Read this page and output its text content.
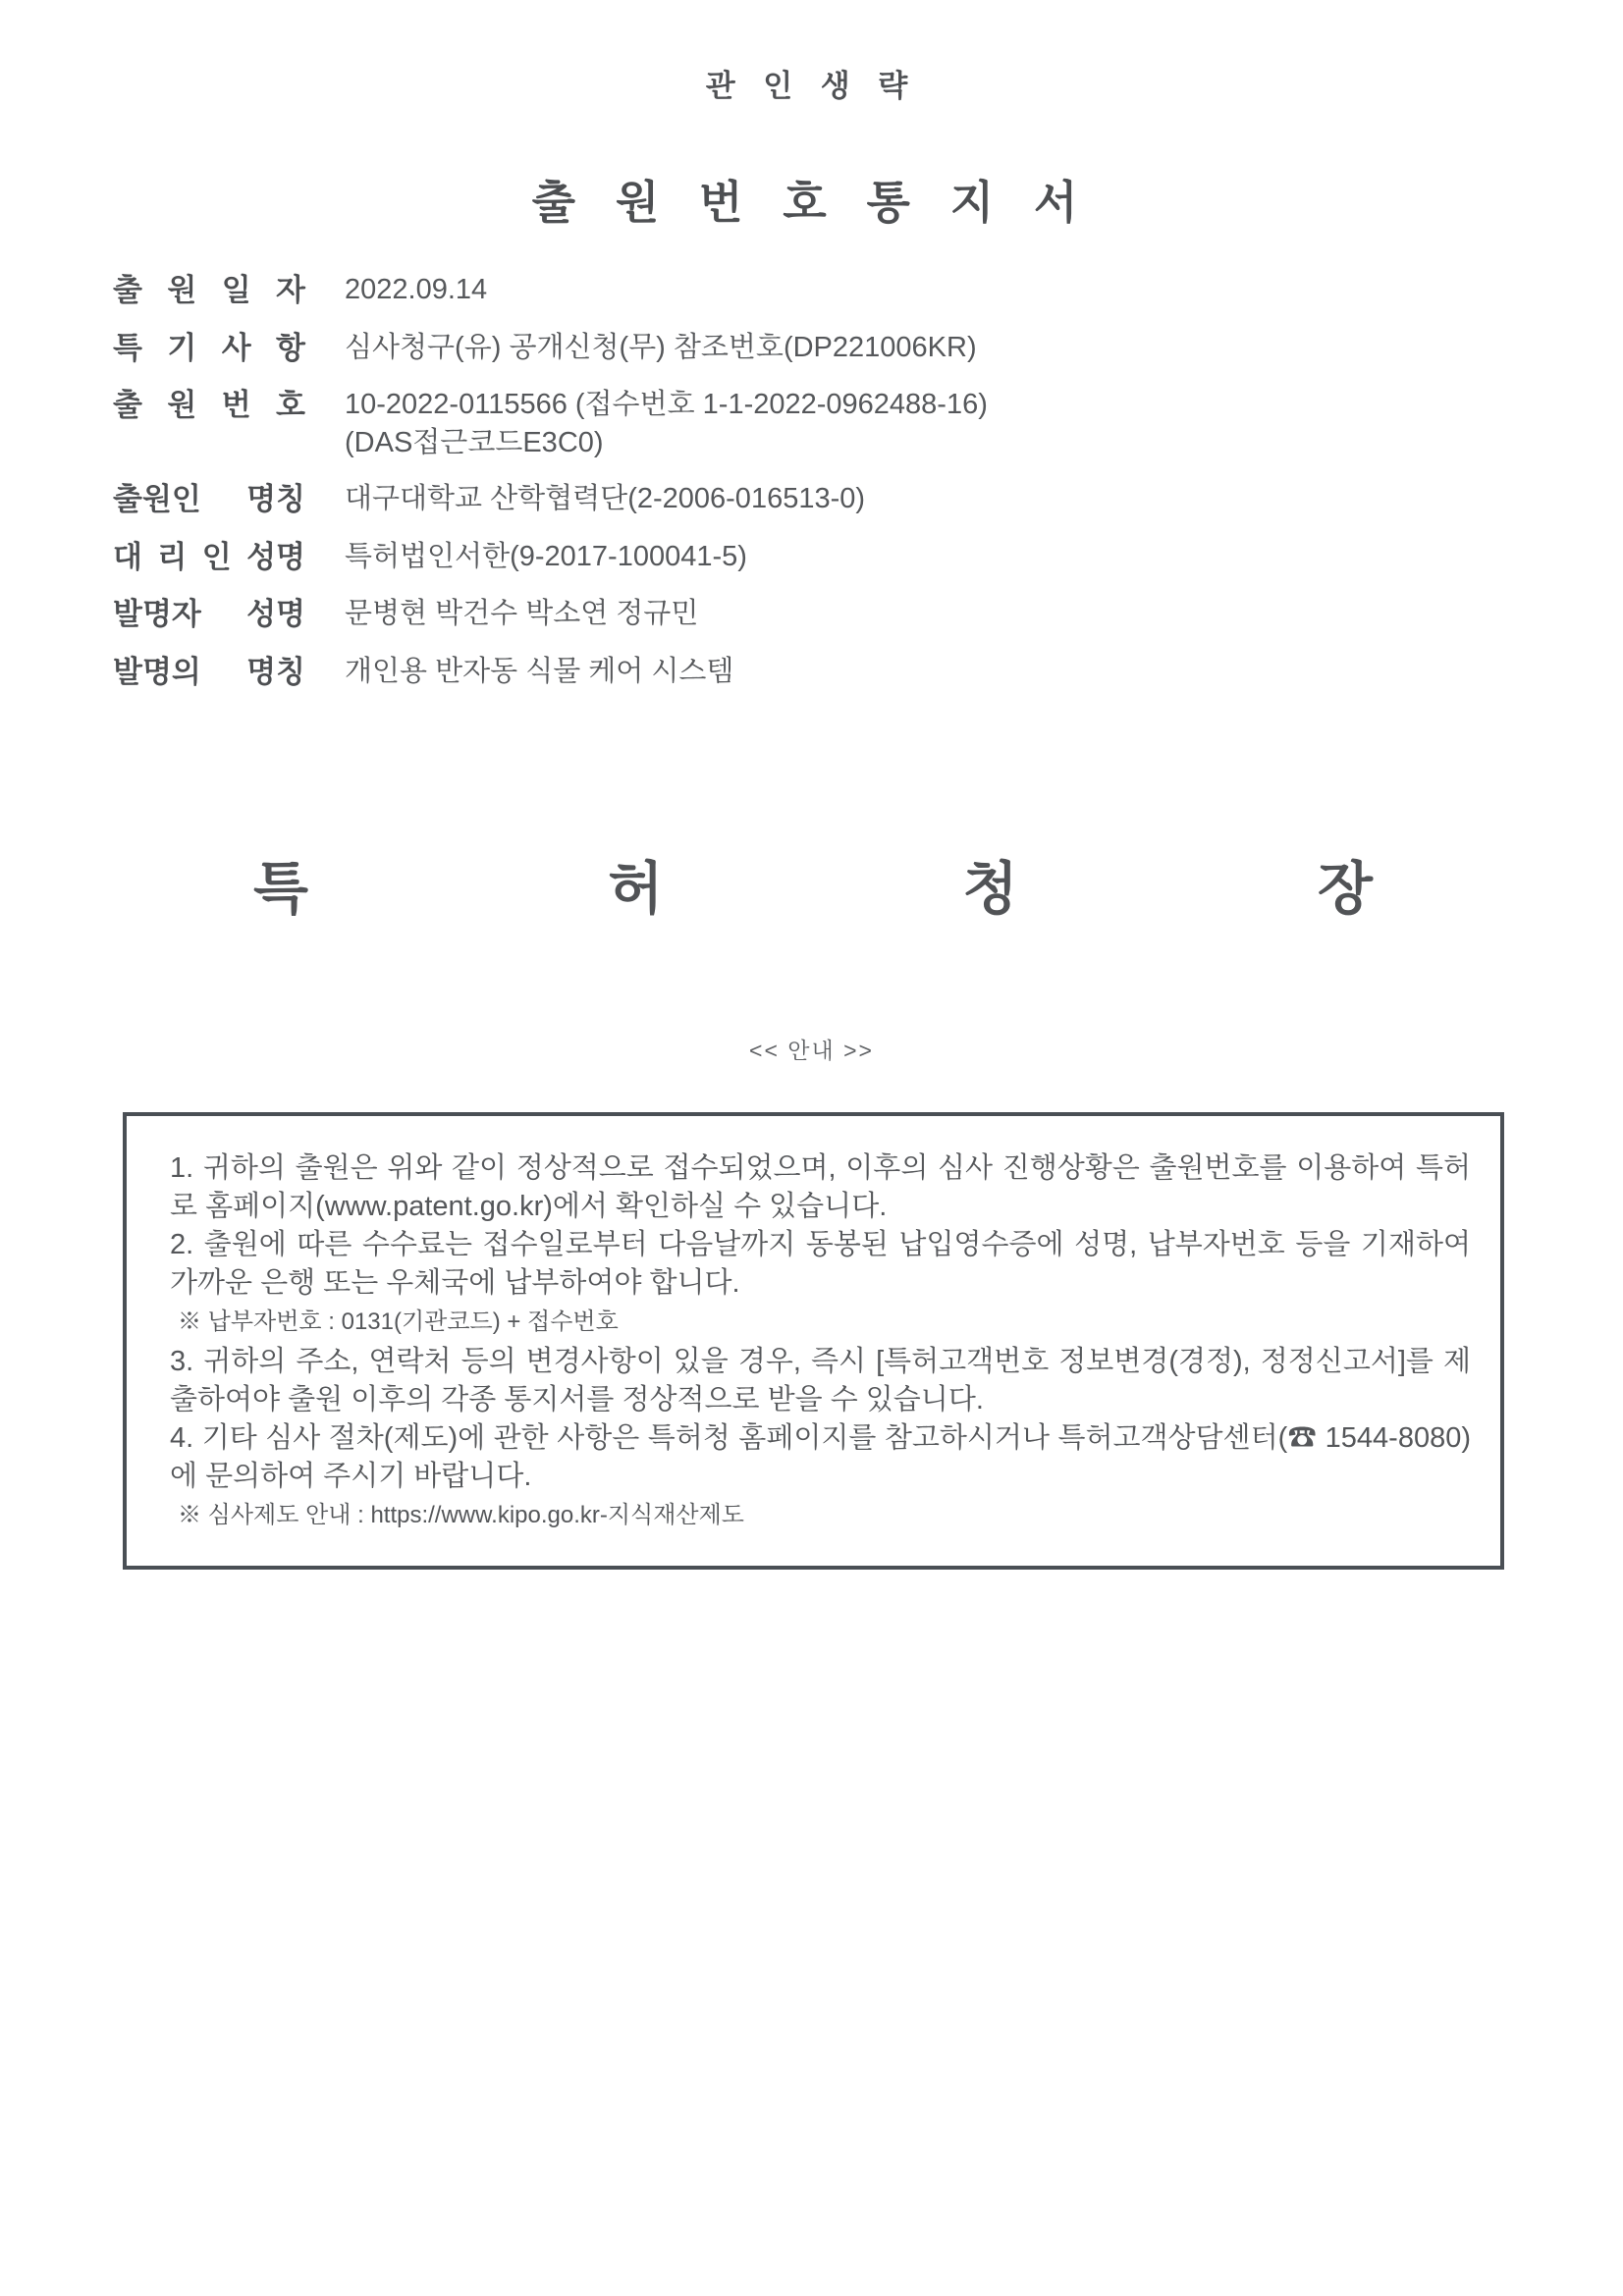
관 인 생 략
출 원 번 호 통 지 서
출 원 일 자 2022.09.14
특 기 사 항 심사청구(유) 공개신청(무) 참조번호(DP221006KR)
출 원 번 호 10-2022-0115566 (접수번호 1-1-2022-0962488-16)
(DAS접근코드E3C0)
출원인 명칭 대구대학교 산학협력단(2-2006-016513-0)
대 리 인 성명 특허법인서한(9-2017-100041-5)
발명자 성명 문병현 박건수 박소연 정규민
발명의 명칭 개인용 반자동 식물 케어 시스템
특	허	청	장
<< 안내 >>

1. 귀하의 출원은 위와 같이 정상적으로 접수되었으며, 이후의 심사 진행상황은 출원번호를 이용하여 특허로 홈페이지(www.patent.go.kr)에서 확인하실 수 있습니다.

2. 출원에 따른 수수료는 접수일로부터 다음날까지 동봉된 납입영수증에 성명, 납부자번호 등을 기재하여 가까운 은행 또는 우체국에 납부하여야 합니다.

※ 납부자번호 : 0131(기관코드) + 접수번호

3. 귀하의 주소, 연락처 등의 변경사항이 있을 경우, 즉시 [특허고객번호 정보변경(경정), 정정신고서]를 제출하여야 출원 이후의 각종 통지서를 정상적으로 받을 수 있습니다.

4. 기타 심사 절차(제도)에 관한 사항은 특허청 홈페이지를 참고하시거나 특허고객상담센터(☎ 1544-8080)에 문의하여 주시기 바랍니다.

※ 심사제도 안내 : https://www.kipo.go.kr-지식재산제도
